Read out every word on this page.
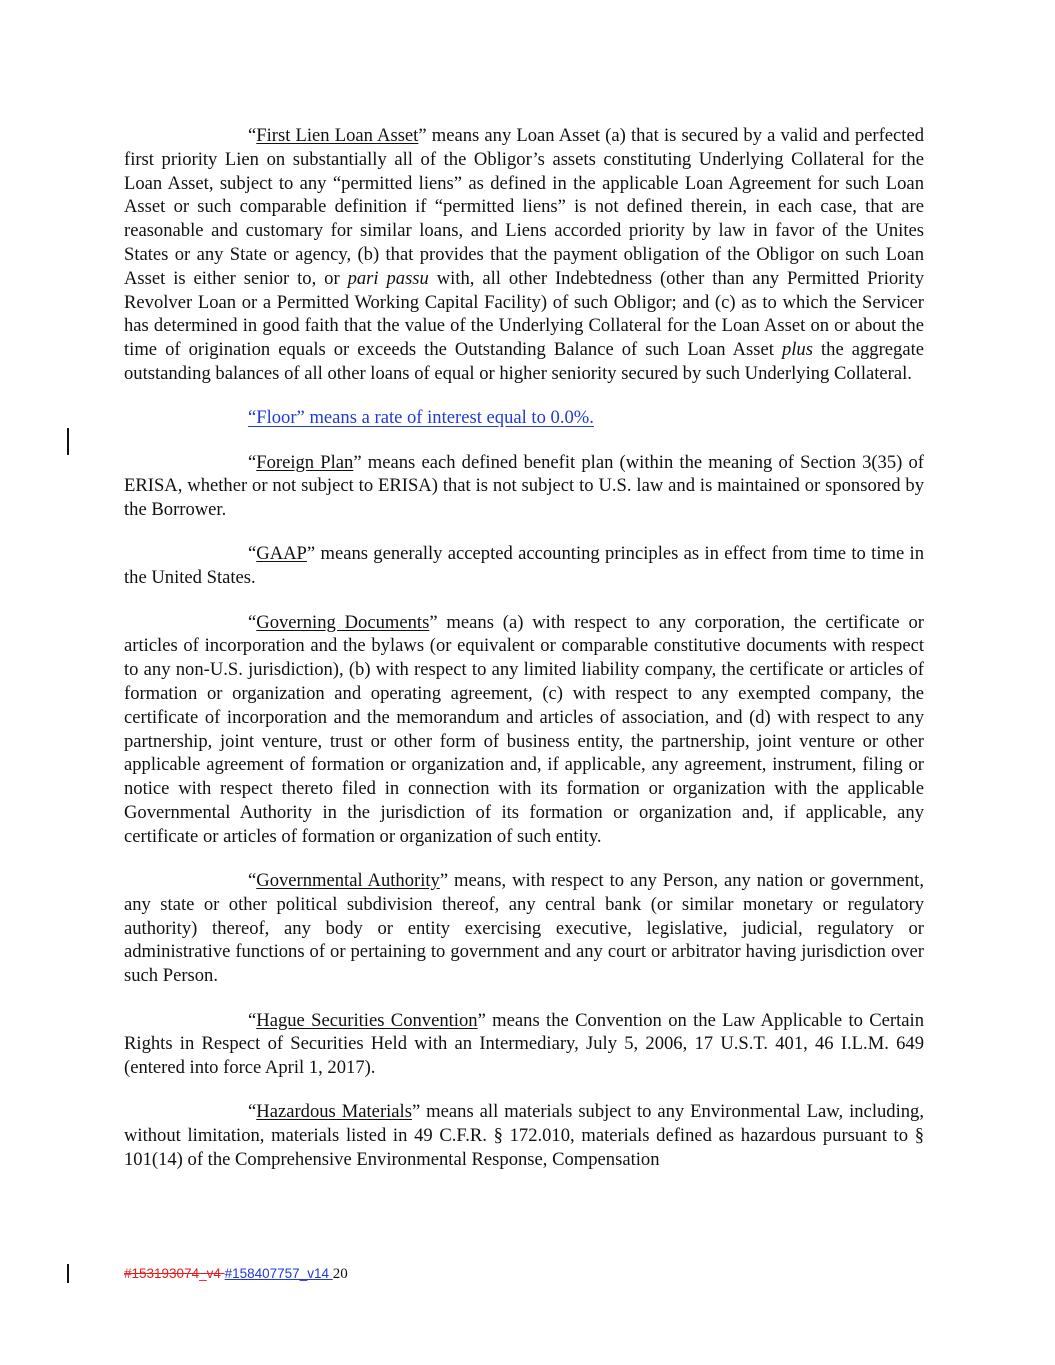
“First Lien Loan Asset” means any Loan Asset (a) that is secured by a valid and perfected first priority Lien on substantially all of the Obligor’s assets constituting Underlying Collateral for the Loan Asset, subject to any “permitted liens” as defined in the applicable Loan Agreement for such Loan Asset or such comparable definition if “permitted liens” is not defined therein, in each case, that are reasonable and customary for similar loans, and Liens accorded priority by law in favor of the Unites States or any State or agency, (b) that provides that the payment obligation of the Obligor on such Loan Asset is either senior to, or pari passu with, all other Indebtedness (other than any Permitted Priority Revolver Loan or a Permitted Working Capital Facility) of such Obligor; and (c) as to which the Servicer has determined in good faith that the value of the Underlying Collateral for the Loan Asset on or about the time of origination equals or exceeds the Outstanding Balance of such Loan Asset plus the aggregate outstanding balances of all other loans of equal or higher seniority secured by such Underlying Collateral.

“Floor” means a rate of interest equal to 0.0%.

“Foreign Plan” means each defined benefit plan (within the meaning of Section 3(35) of ERISA, whether or not subject to ERISA) that is not subject to U.S. law and is maintained or sponsored by the Borrower.

“GAAP” means generally accepted accounting principles as in effect from time to time in the United States.

“Governing Documents” means (a) with respect to any corporation, the certificate or articles of incorporation and the bylaws (or equivalent or comparable constitutive documents with respect to any non-U.S. jurisdiction), (b) with respect to any limited liability company, the certificate or articles of formation or organization and operating agreement, (c) with respect to any exempted company, the certificate of incorporation and the memorandum and articles of association, and (d) with respect to any partnership, joint venture, trust or other form of business entity, the partnership, joint venture or other applicable agreement of formation or organization and, if applicable, any agreement, instrument, filing or notice with respect thereto filed in connection with its formation or organization with the applicable Governmental Authority in the jurisdiction of its formation or organization and, if applicable, any certificate or articles of formation or organization of such entity.

“Governmental Authority” means, with respect to any Person, any nation or government, any state or other political subdivision thereof, any central bank (or similar monetary or regulatory authority) thereof, any body or entity exercising executive, legislative, judicial, regulatory or administrative functions of or pertaining to government and any court or arbitrator having jurisdiction over such Person.

“Hague Securities Convention” means the Convention on the Law Applicable to Certain Rights in Respect of Securities Held with an Intermediary, July 5, 2006, 17 U.S.T. 401, 46 I.L.M. 649 (entered into force April 1, 2017).

“Hazardous Materials” means all materials subject to any Environmental Law, including, without limitation, materials listed in 49 C.F.R. § 172.010, materials defined as hazardous pursuant to § 101(14) of the Comprehensive Environmental Response, Compensation

#153193074_v4 #158407757_v14 20
